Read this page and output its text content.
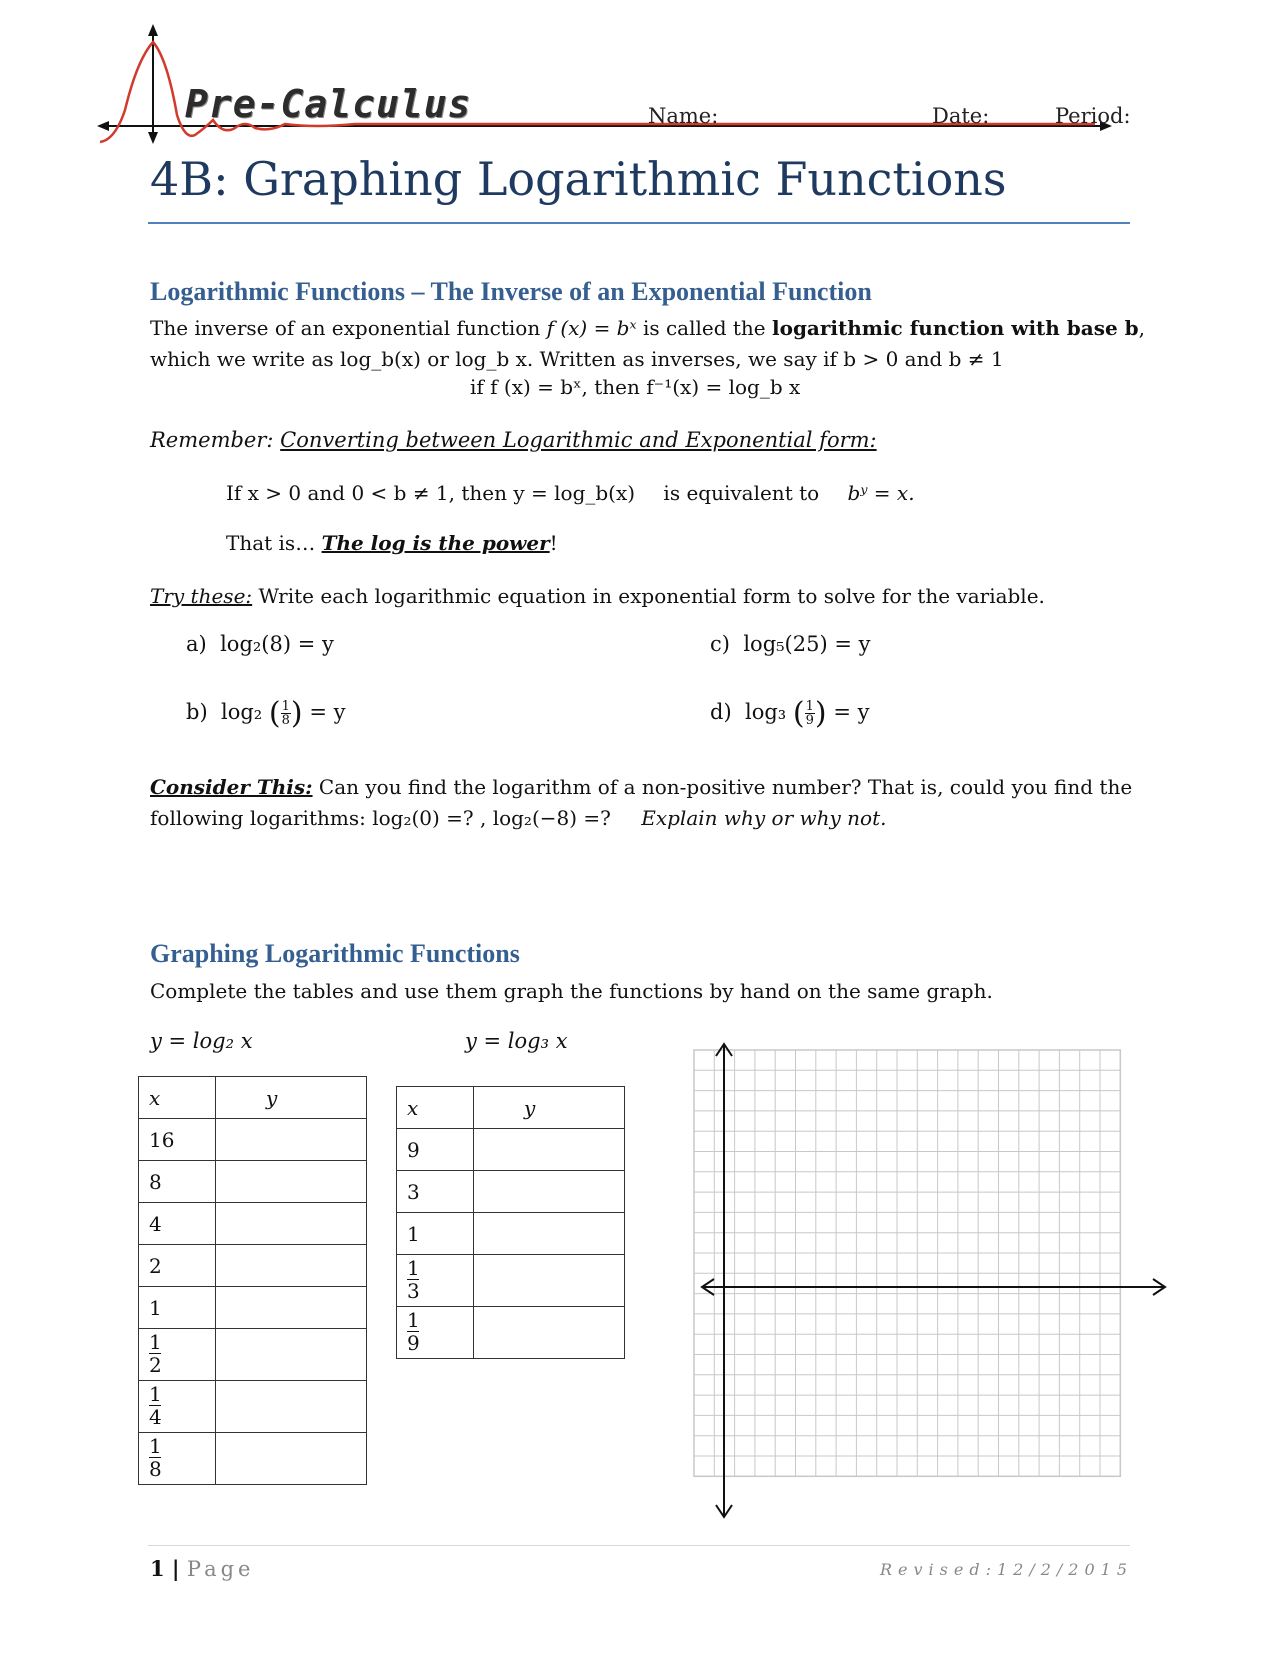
Pre-Calculus	Name:	Date:	Period:
4B: Graphing Logarithmic Functions
Logarithmic Functions – The Inverse of an Exponential Function
The inverse of an exponential function f (x) = bˣ is called the logarithmic function with base b,
which we write as log_b(x) or log_b x. Written as inverses, we say if b > 0 and b ≠ 1
if f (x) = bˣ, then f⁻¹(x) = log_b x
Remember: Converting between Logarithmic and Exponential form:
If x > 0 and 0 < b ≠ 1, then y = log_b(x) is equivalent to bʸ = x.
That is… The log is the power!
Try these: Write each logarithmic equation in exponential form to solve for the variable.
a) log₂(8) = y	c) log₅(25) = y
b) log₂ ( $\frac{1}{8}$ ) = y	d) log₃ ( $\frac{1}{9}$ ) = y
Consider This: Can you find the logarithm of a non-positive number? That is, could you find the
following logarithms: log₂(0) =? , log₂(−8) =? Explain why or why not.
Graphing Logarithmic Functions
Complete the tables and use them graph the functions by hand on the same graph.
y = log₂ x	y = log₃ x
x	y
16	
8	
4	
2	
1	

$\frac{1}{2}$

$\frac{1}{4}$

$\frac{1}{8}$

x	y
9	
3	
1	

$\frac{1}{3}$

$\frac{1}{9}$

1 | Page	Revised:12/2/2015
